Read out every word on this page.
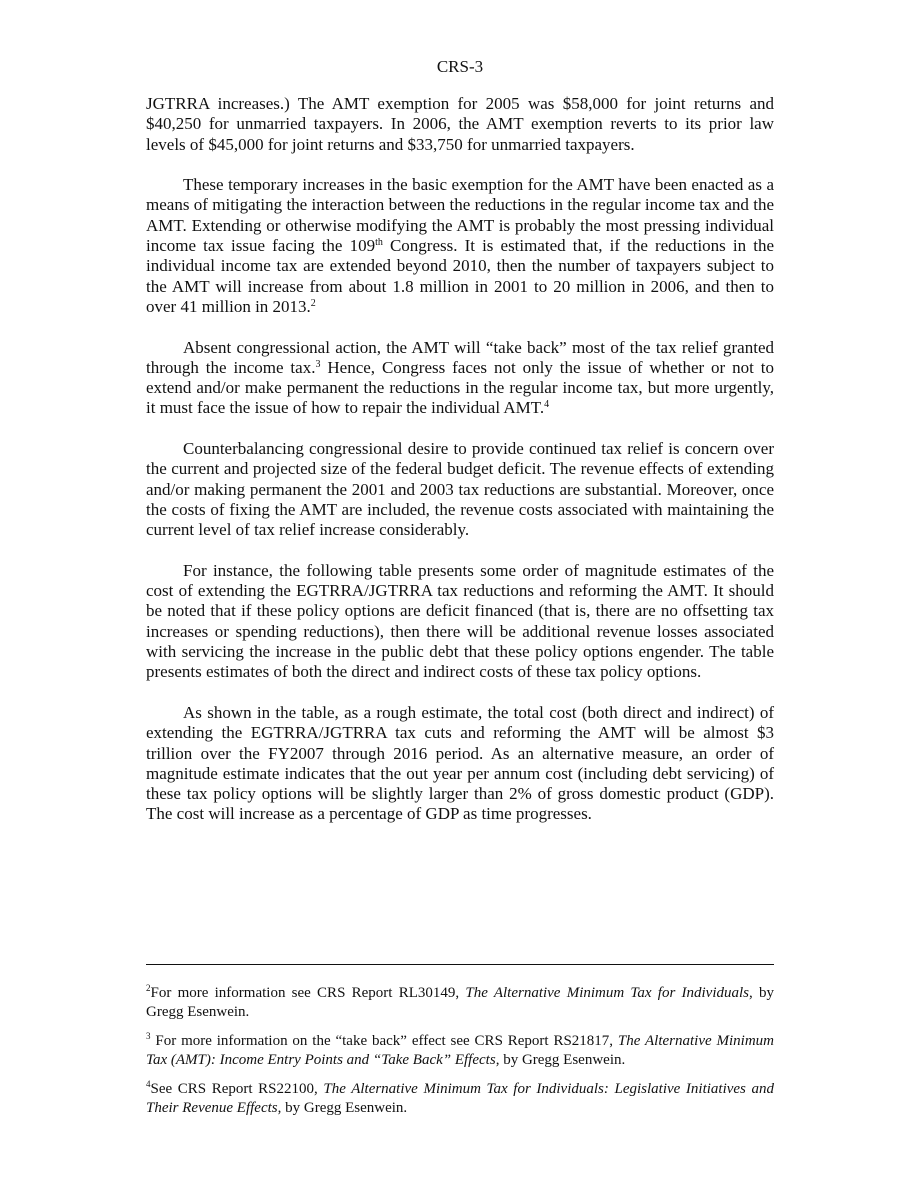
CRS-3

JGTRRA increases.) The AMT exemption for 2005 was $58,000 for joint returns and $40,250 for unmarried taxpayers. In 2006, the AMT exemption reverts to its prior law levels of $45,000 for joint returns and $33,750 for unmarried taxpayers.

These temporary increases in the basic exemption for the AMT have been enacted as a means of mitigating the interaction between the reductions in the regular income tax and the AMT. Extending or otherwise modifying the AMT is probably the most pressing individual income tax issue facing the 109th Congress. It is estimated that, if the reductions in the individual income tax are extended beyond 2010, then the number of taxpayers subject to the AMT will increase from about 1.8 million in 2001 to 20 million in 2006, and then to over 41 million in 2013.$^2$

Absent congressional action, the AMT will “take back” most of the tax relief granted through the income tax.$^3$ Hence, Congress faces not only the issue of whether or not to extend and/or make permanent the reductions in the regular income tax, but more urgently, it must face the issue of how to repair the individual AMT.$^4$

Counterbalancing congressional desire to provide continued tax relief is concern over the current and projected size of the federal budget deficit. The revenue effects of extending and/or making permanent the 2001 and 2003 tax reductions are substantial. Moreover, once the costs of fixing the AMT are included, the revenue costs associated with maintaining the current level of tax relief increase considerably.

For instance, the following table presents some order of magnitude estimates of the cost of extending the EGTRRA/JGTRRA tax reductions and reforming the AMT. It should be noted that if these policy options are deficit financed (that is, there are no offsetting tax increases or spending reductions), then there will be additional revenue losses associated with servicing the increase in the public debt that these policy options engender. The table presents estimates of both the direct and indirect costs of these tax policy options.

As shown in the table, as a rough estimate, the total cost (both direct and indirect) of extending the EGTRRA/JGTRRA tax cuts and reforming the AMT will be almost $3 trillion over the FY2007 through 2016 period. As an alternative measure, an order of magnitude estimate indicates that the out year per annum cost (including debt servicing) of these tax policy options will be slightly larger than 2% of gross domestic product (GDP). The cost will increase as a percentage of GDP as time progresses.

$^2$For more information see CRS Report RL30149, The Alternative Minimum Tax for Individuals, by Gregg Esenwein.

$^3$ For more information on the “take back” effect see CRS Report RS21817, The Alternative Minimum Tax (AMT): Income Entry Points and “Take Back” Effects, by Gregg Esenwein.

$^4$See CRS Report RS22100, The Alternative Minimum Tax for Individuals: Legislative Initiatives and Their Revenue Effects, by Gregg Esenwein.
